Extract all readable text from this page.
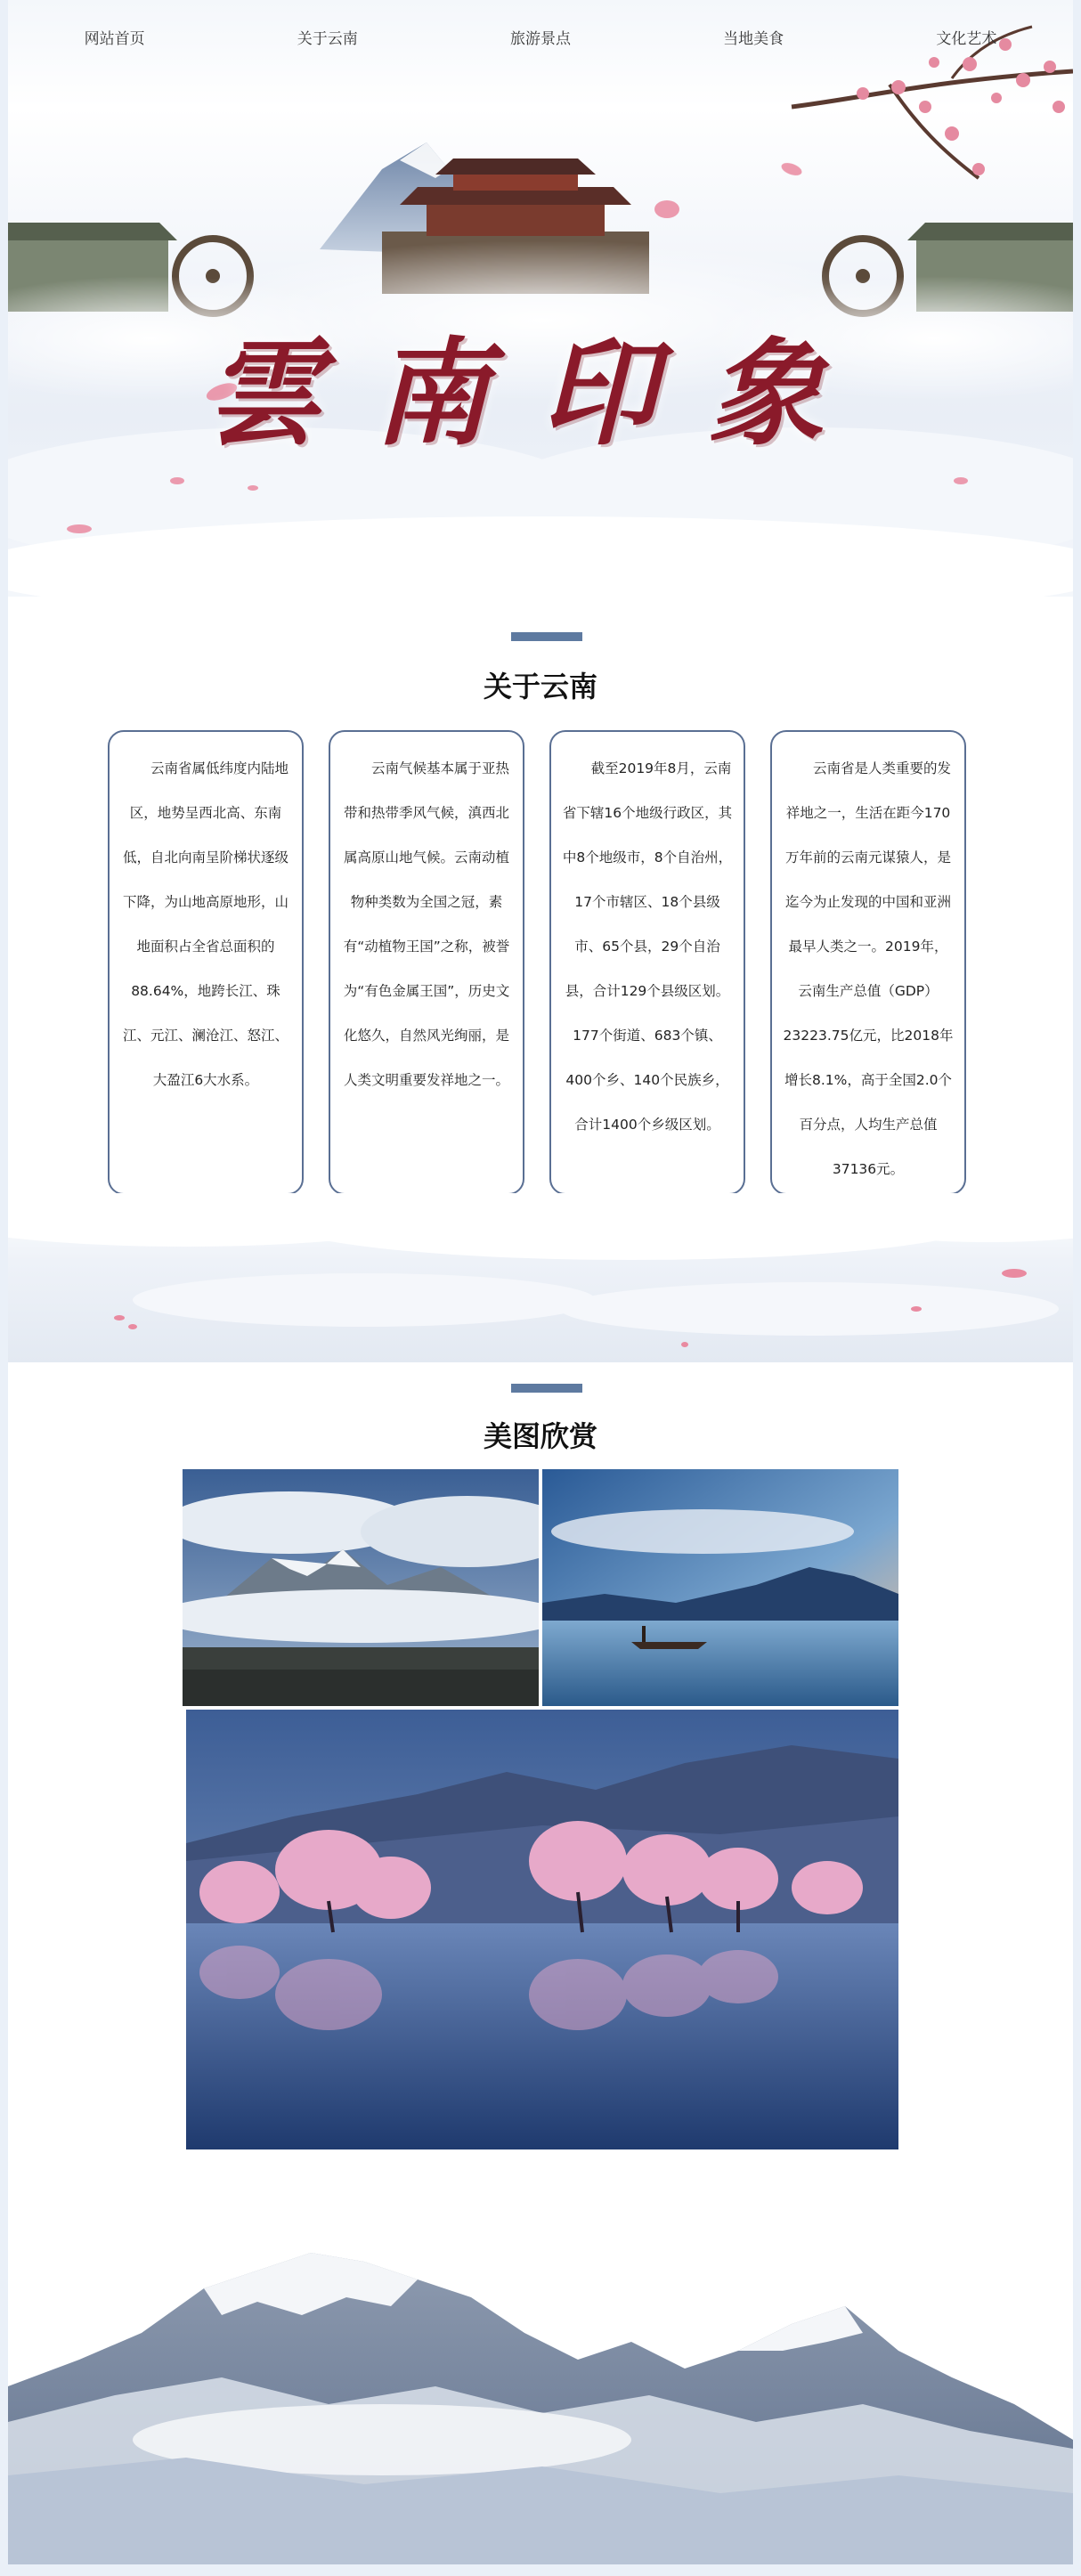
雲南印象
网站首页	关于云南	旅游景点	当地美食	文化艺术
关于云南

云南省属低纬度内陆地区，地势呈西北高、东南低，自北向南呈阶梯状逐级下降，为山地高原地形，山地面积占全省总面积的88.64%，地跨长江、珠江、元江、澜沧江、怒江、大盈江6大水系。

云南气候基本属于亚热带和热带季风气候，滇西北属高原山地气候。云南动植物种类数为全国之冠，素有“动植物王国”之称，被誉为“有色金属王国”，历史文化悠久，自然风光绚丽，是人类文明重要发祥地之一。

截至2019年8月，云南省下辖16个地级行政区，其中8个地级市，8个自治州，17个市辖区、18个县级市、65个县，29个自治县，合计129个县级区划。177个街道、683个镇、400个乡、140个民族乡，合计1400个乡级区划。

云南省是人类重要的发祥地之一，生活在距今170万年前的云南元谋猿人，是迄今为止发现的中国和亚洲最早人类之一。2019年，云南生产总值（GDP）23223.75亿元，比2018年增长8.1%，高于全国2.0个百分点，人均生产总值37136元。

美图欣赏
